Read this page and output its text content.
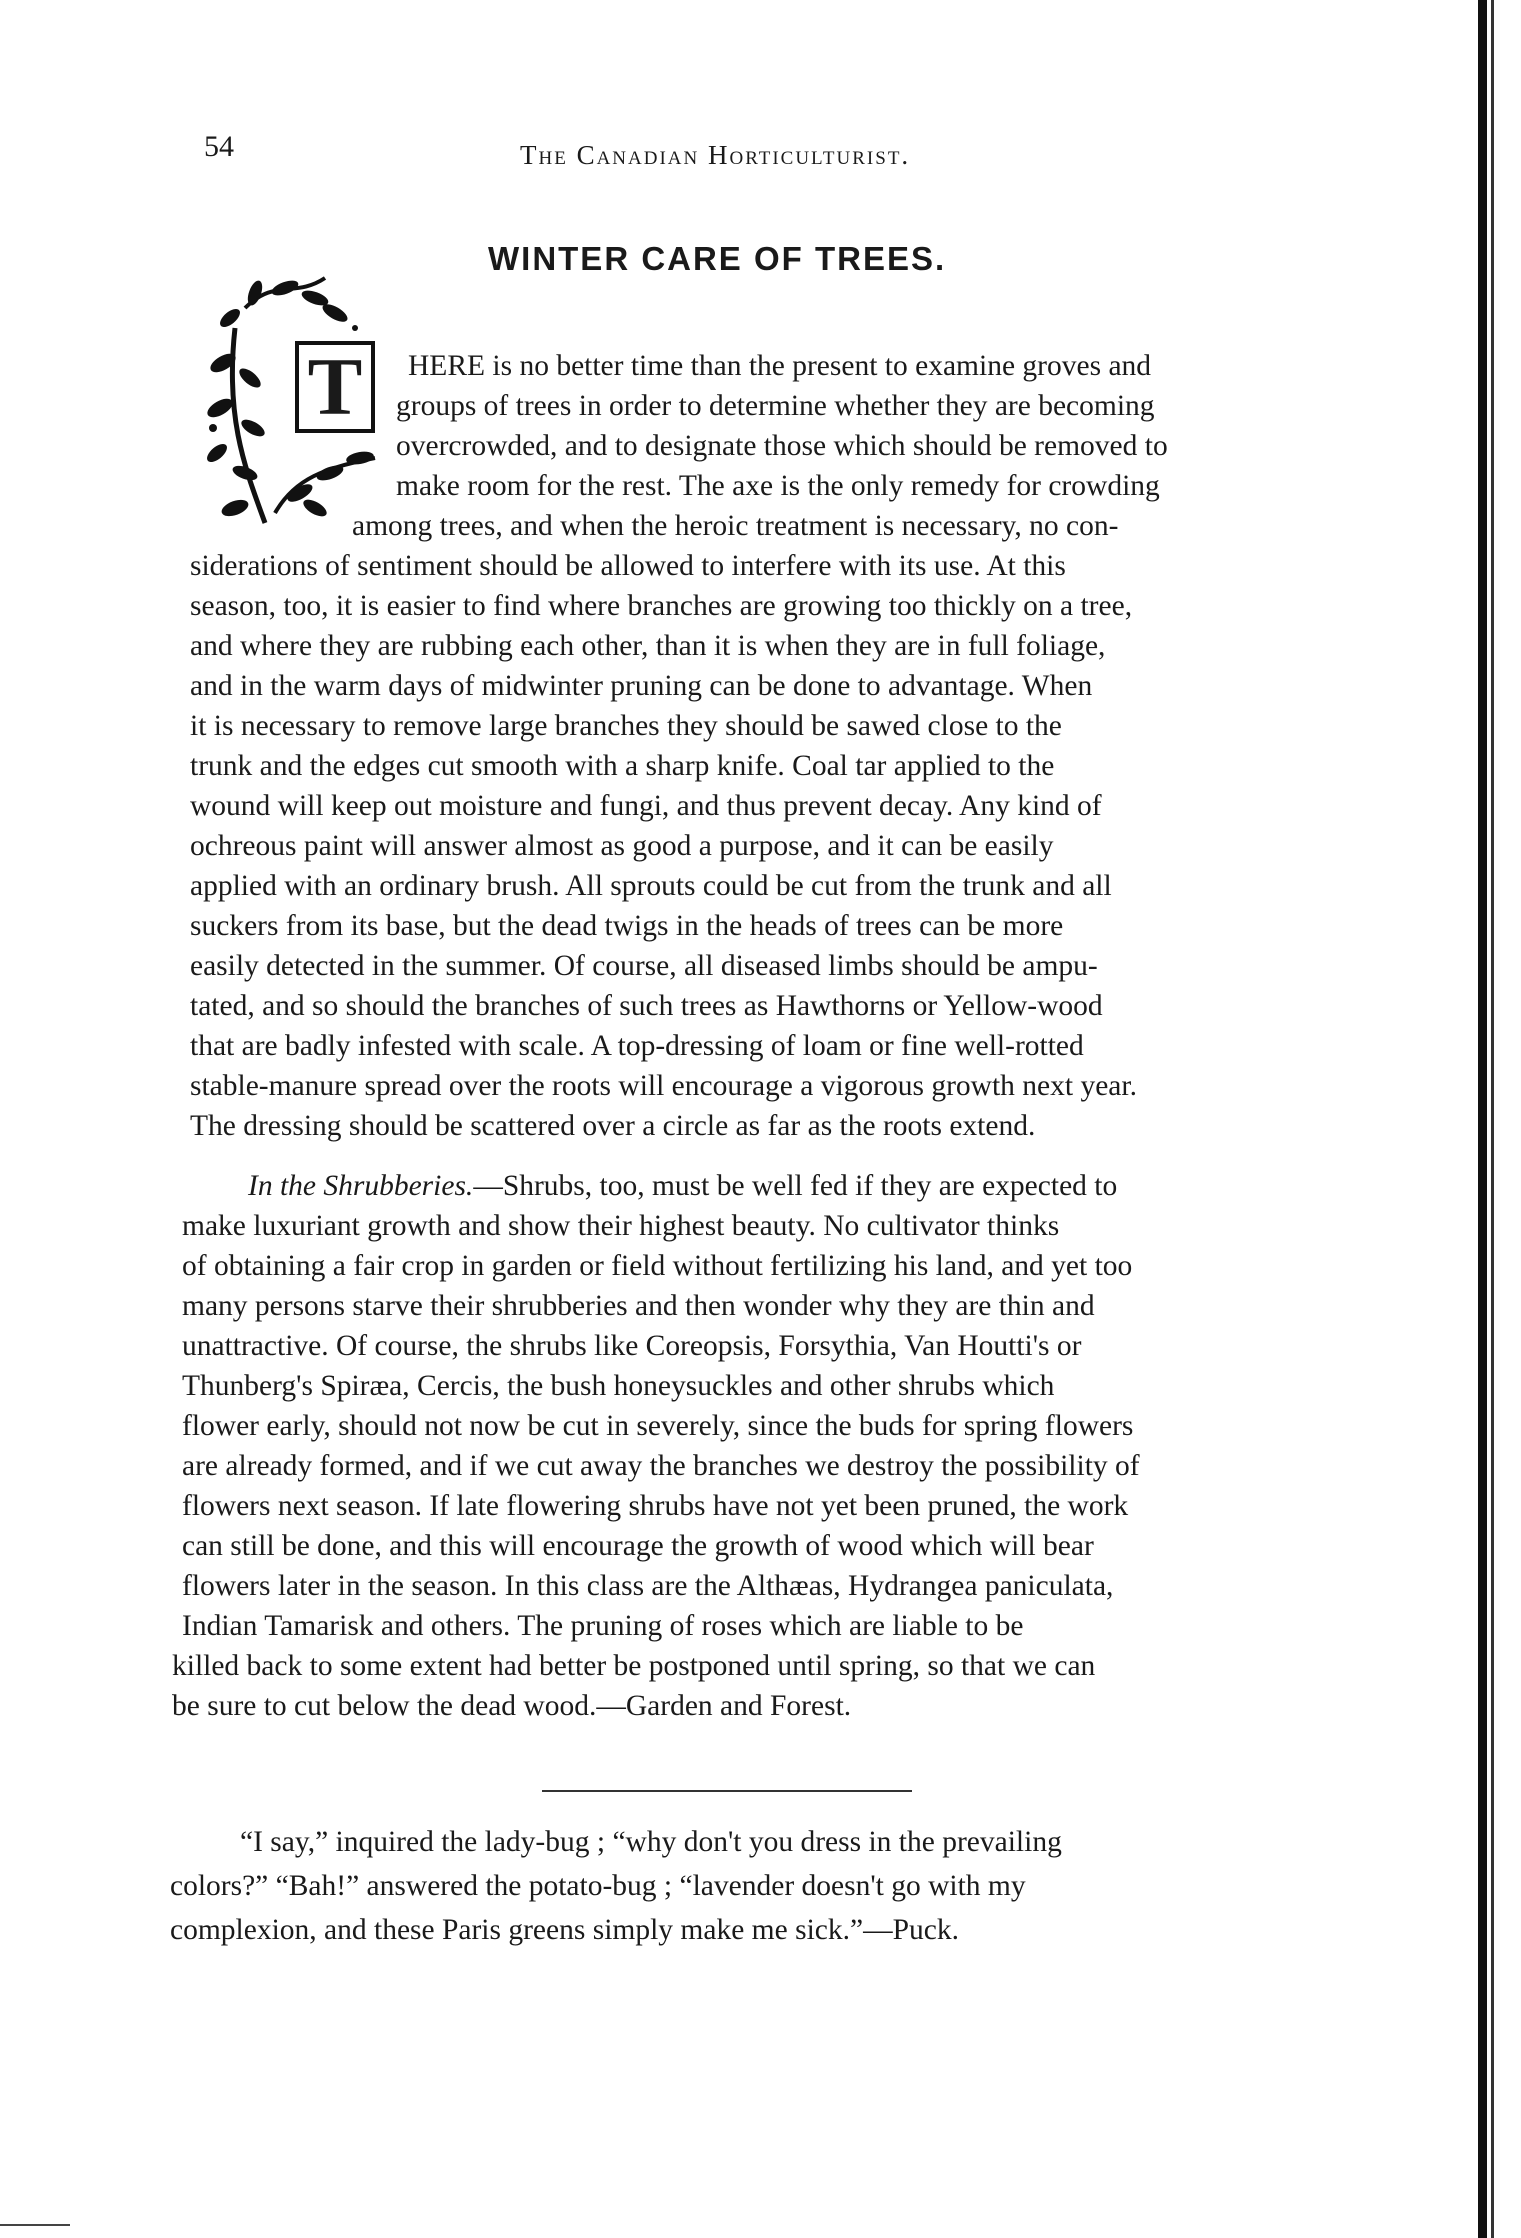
54	The Canadian Horticulturist.
WINTER CARE OF TREES.
T	HERE is no better time than the present to examine groves and
groups of trees in order to determine whether they are becoming
overcrowded, and to designate those which should be removed to
make room for the rest. The axe is the only remedy for crowding
among trees, and when the heroic treatment is necessary, no con-
siderations of sentiment should be allowed to interfere with its use. At this
season, too, it is easier to find where branches are growing too thickly on a tree,
and where they are rubbing each other, than it is when they are in full foliage,
and in the warm days of midwinter pruning can be done to advantage. When
it is necessary to remove large branches they should be sawed close to the
trunk and the edges cut smooth with a sharp knife. Coal tar applied to the
wound will keep out moisture and fungi, and thus prevent decay. Any kind of
ochreous paint will answer almost as good a purpose, and it can be easily
applied with an ordinary brush. All sprouts could be cut from the trunk and all
suckers from its base, but the dead twigs in the heads of trees can be more
easily detected in the summer. Of course, all diseased limbs should be ampu-
tated, and so should the branches of such trees as Hawthorns or Yellow-wood
that are badly infested with scale. A top-dressing of loam or fine well-rotted
stable-manure spread over the roots will encourage a vigorous growth next year.
The dressing should be scattered over a circle as far as the roots extend.
In the Shrubberies.—Shrubs, too, must be well fed if they are expected to
make luxuriant growth and show their highest beauty. No cultivator thinks
of obtaining a fair crop in garden or field without fertilizing his land, and yet too
many persons starve their shrubberies and then wonder why they are thin and
unattractive. Of course, the shrubs like Coreopsis, Forsythia, Van Houtti's or
Thunberg's Spiræa, Cercis, the bush honeysuckles and other shrubs which
flower early, should not now be cut in severely, since the buds for spring flowers
are already formed, and if we cut away the branches we destroy the possibility of
flowers next season. If late flowering shrubs have not yet been pruned, the work
can still be done, and this will encourage the growth of wood which will bear
flowers later in the season. In this class are the Althæas, Hydrangea paniculata,
Indian Tamarisk and others. The pruning of roses which are liable to be
killed back to some extent had better be postponed until spring, so that we can
be sure to cut below the dead wood.—Garden and Forest.
“I say,” inquired the lady-bug ; “why don't you dress in the prevailing
colors?” “Bah!” answered the potato-bug ; “lavender doesn't go with my
complexion, and these Paris greens simply make me sick.”—Puck.
